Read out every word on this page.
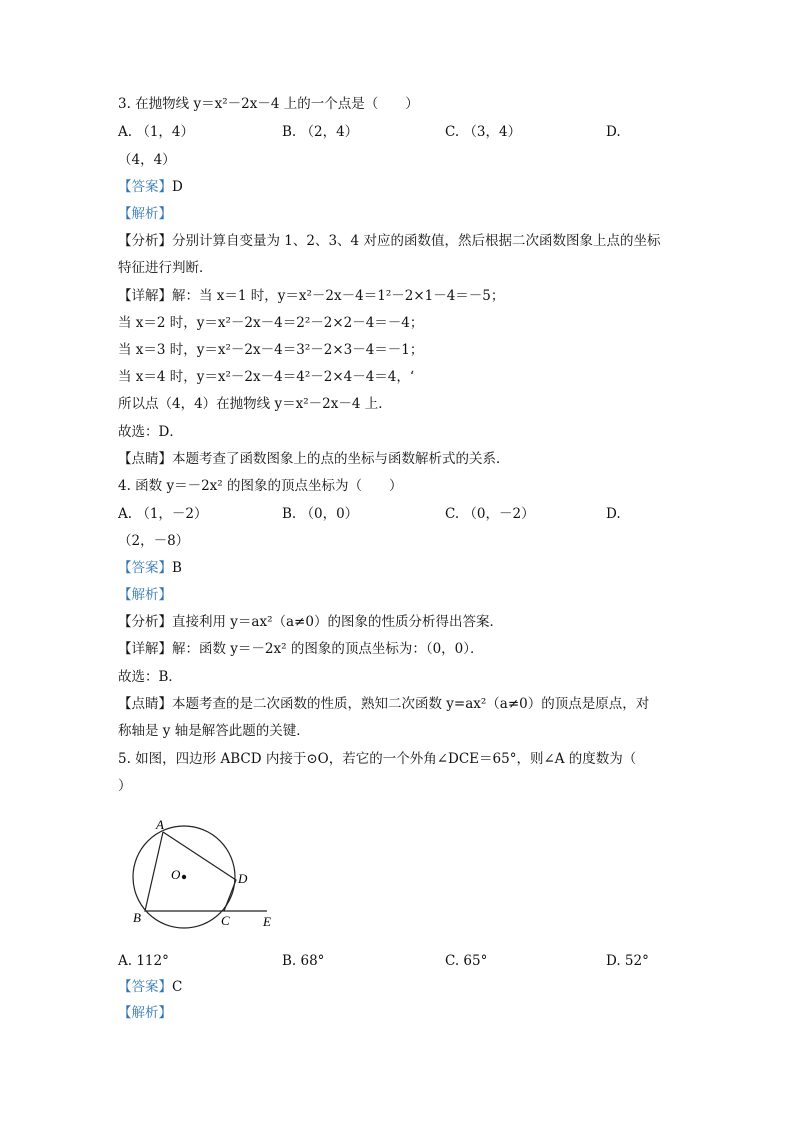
3. 在抛物线 y＝x²－2x－4 上的一个点是（　　）
A. （1，4）	B. （2，4）	C. （3，4）	D.
（4，4）
【答案】D
【解析】
【分析】分别计算自变量为 1、2、3、4 对应的函数值，然后根据二次函数图象上点的坐标
特征进行判断．
【详解】解：当 x＝1 时，y＝x²－2x－4＝1²－2×1－4＝－5；
当 x＝2 时，y＝x²－2x－4＝2²－2×2－4＝－4；
当 x＝3 时，y＝x²－2x－4＝3²－2×3－4＝－1；
当 x＝4 时，y＝x²－2x－4＝4²－2×4－4＝4，‘
所以点（4，4）在抛物线 y＝x²－2x－4 上．
故选：D．
【点睛】本题考查了函数图象上的点的坐标与函数解析式的关系．
4. 函数 y＝－2x² 的图象的顶点坐标为（　　）
A. （1，－2）	B. （0，0）	C. （0，－2）	D.
（2，－8）
【答案】B
【解析】
【分析】直接利用 y＝ax²（a≠0）的图象的性质分析得出答案．
【详解】解：函数 y＝－2x² 的图象的顶点坐标为：（0，0）．
故选：B．
【点睛】本题考查的是二次函数的性质，熟知二次函数 y=ax²（a≠0）的顶点是原点，对
称轴是 y 轴是解答此题的关键．
5. 如图，四边形 ABCD 内接于⊙O，若它的一个外角∠DCE＝65°，则∠A 的度数为（
）
A
O	D
B	C	E
A. 112°	B. 68°	C. 65°	D. 52°
【答案】C
【解析】
